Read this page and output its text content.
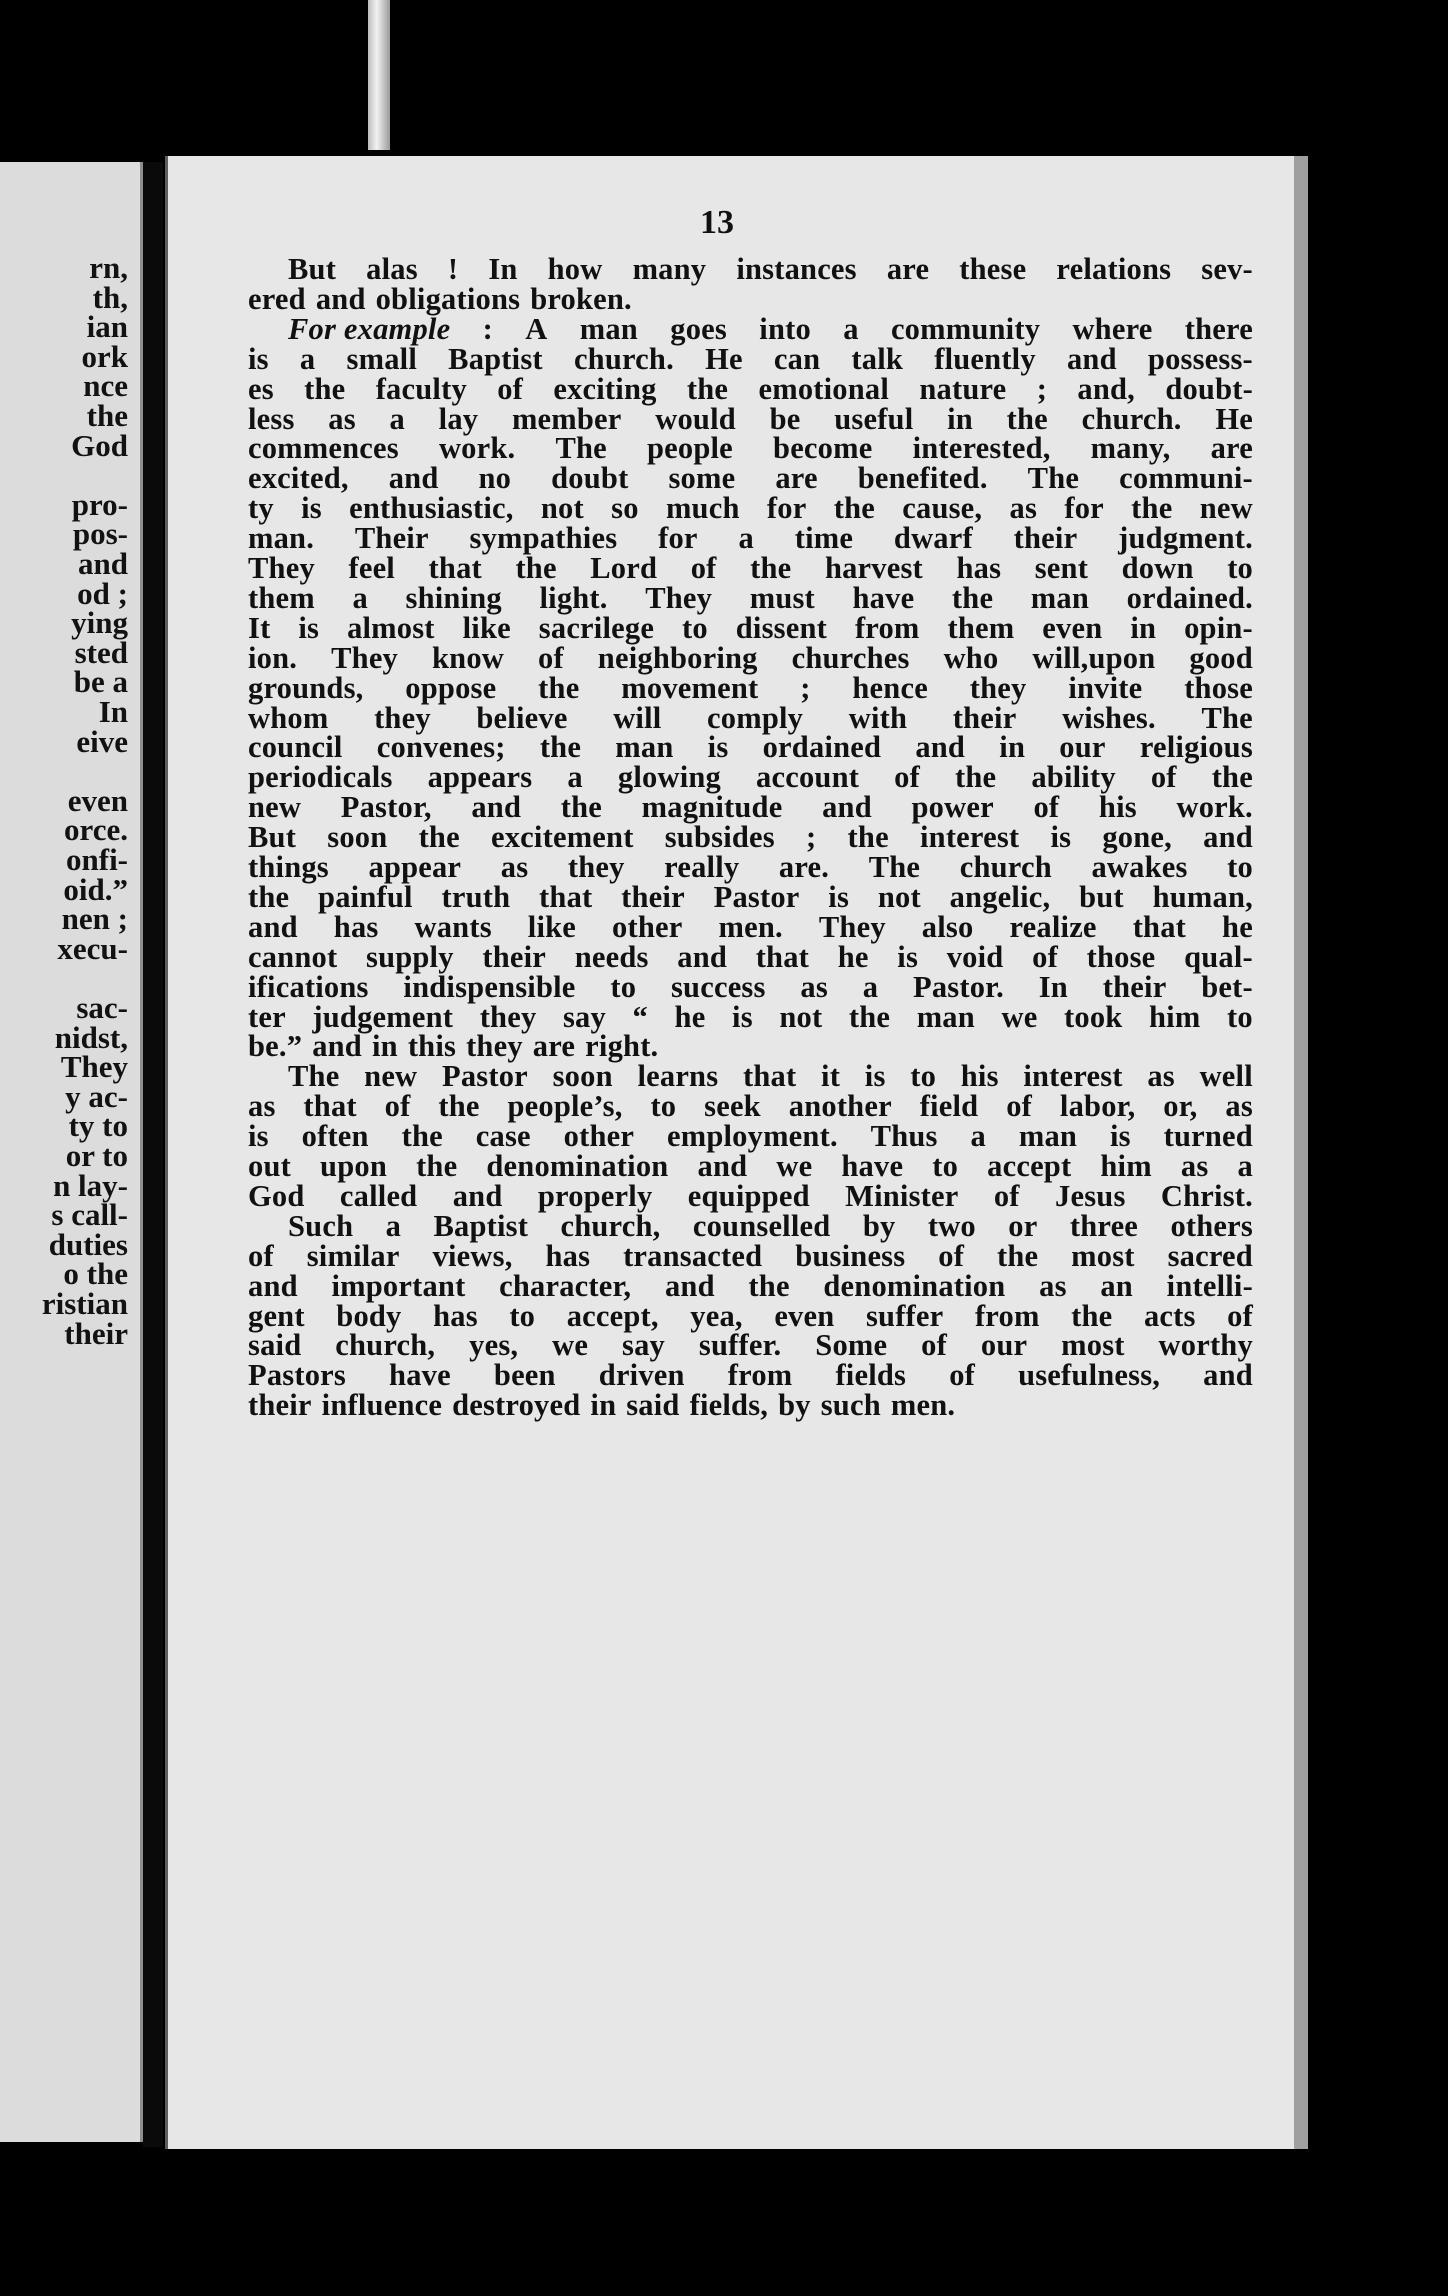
rn,
th,
ian
ork
nce
the
God
pro-
pos-
and
od ;
ying
sted
be a
In
eive
even
orce.
onfi-
oid.”
nen ;
xecu-
sac-
nidst,
They
y ac-
ty to
or to
n lay-
s call-
duties
o the
ristian
their
13
But alas ! In how many instances are these relations sev-
ered and obligations broken.
For example : A man goes into a community where there
is a small Baptist church. He can talk fluently and possess-
es the faculty of exciting the emotional nature ; and, doubt-
less as a lay member would be useful in the church. He
commences work. The people become interested, many, are
excited, and no doubt some are benefited. The communi-
ty is enthusiastic, not so much for the cause, as for the new
man. Their sympathies for a time dwarf their judgment.
They feel that the Lord of the harvest has sent down to
them a shining light. They must have the man ordained.
It is almost like sacrilege to dissent from them even in opin-
ion. They know of neighboring churches who will,upon good
grounds, oppose the movement ; hence they invite those
whom they believe will comply with their wishes. The
council convenes; the man is ordained and in our religious
periodicals appears a glowing account of the ability of the
new Pastor, and the magnitude and power of his work.
But soon the excitement subsides ; the interest is gone, and
things appear as they really are. The church awakes to
the painful truth that their Pastor is not angelic, but human,
and has wants like other men. They also realize that he
cannot supply their needs and that he is void of those qual-
ifications indispensible to success as a Pastor. In their bet-
ter judgement they say “ he is not the man we took him to
be.” and in this they are right.
The new Pastor soon learns that it is to his interest as well
as that of the people’s, to seek another field of labor, or, as
is often the case other employment. Thus a man is turned
out upon the denomination and we have to accept him as a
God called and properly equipped Minister of Jesus Christ.
Such a Baptist church, counselled by two or three others
of similar views, has transacted business of the most sacred
and important character, and the denomination as an intelli-
gent body has to accept, yea, even suffer from the acts of
said church, yes, we say suffer. Some of our most worthy
Pastors have been driven from fields of usefulness, and
their influence destroyed in said fields, by such men.
